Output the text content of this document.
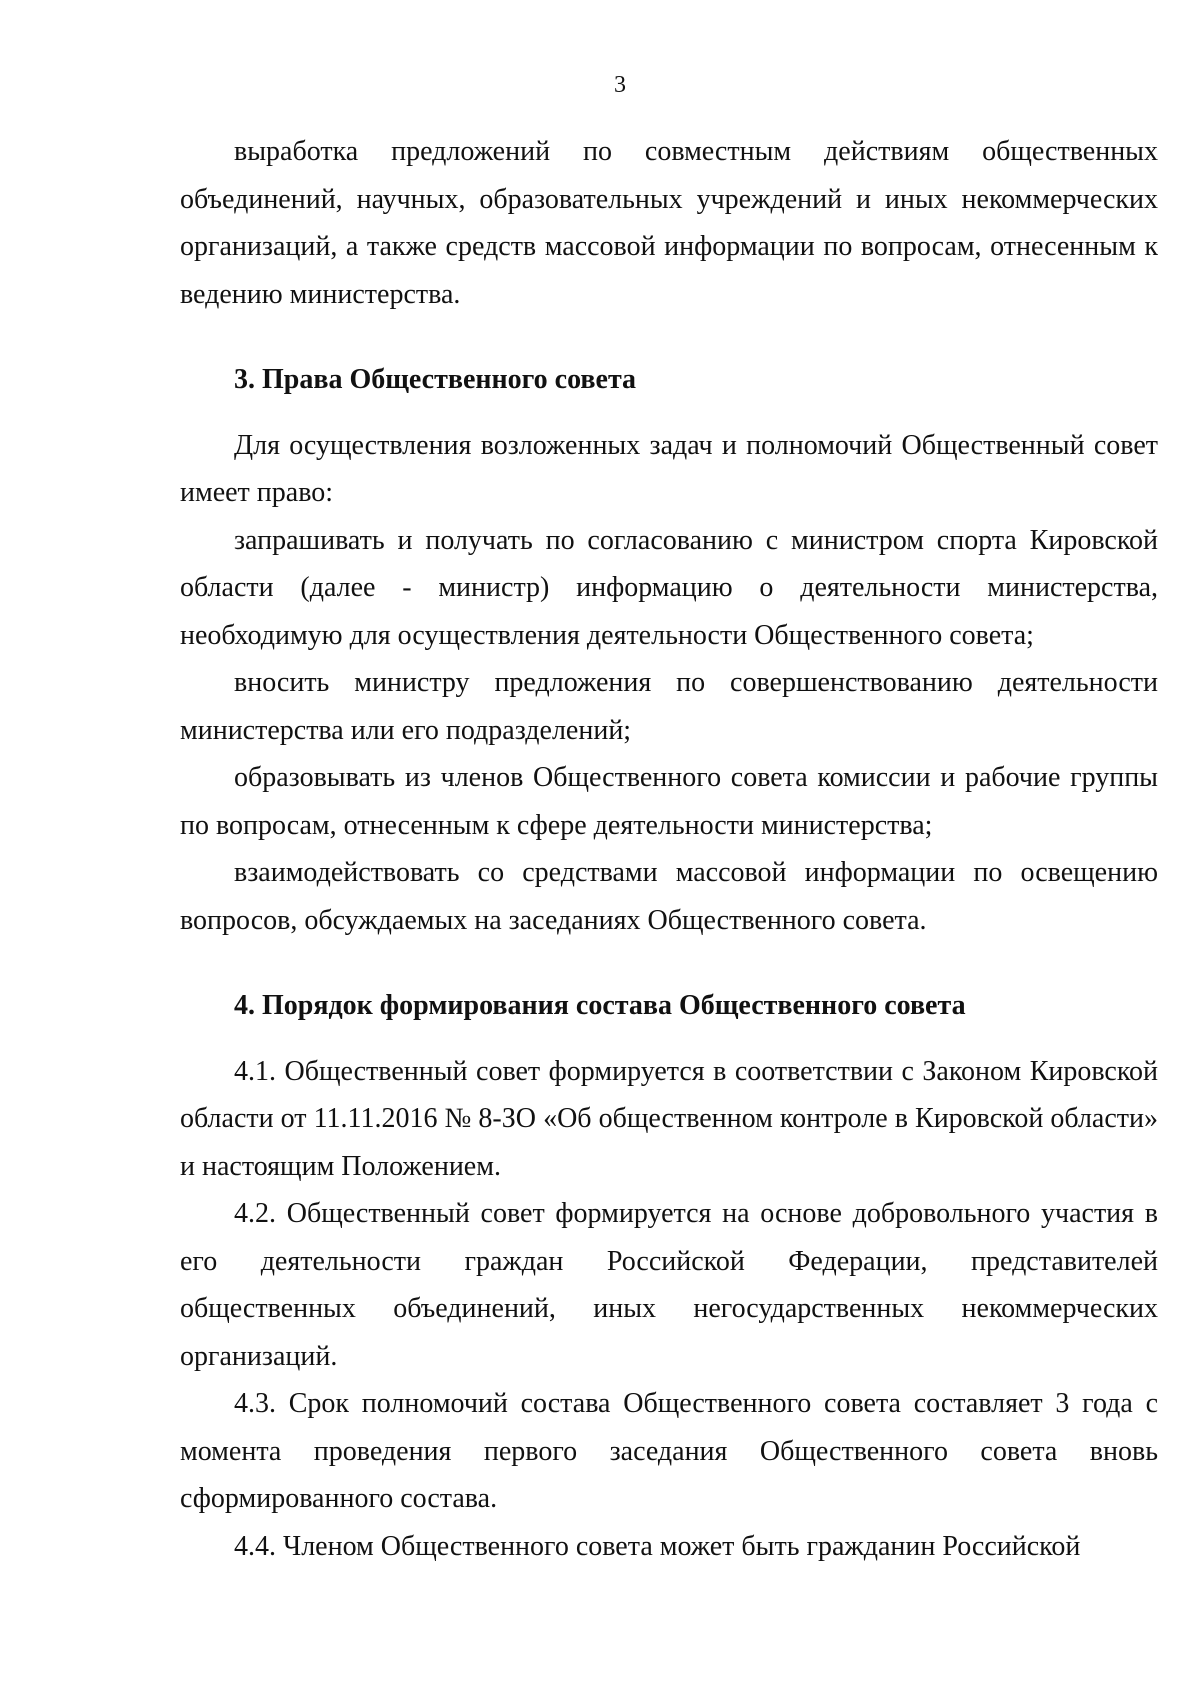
3

выработка предложений по совместным действиям общественных объединений, научных, образовательных учреждений и иных некоммерческих организаций, а также средств массовой информации по вопросам, отнесенным к ведению министерства.

3. Права Общественного совета

Для осуществления возложенных задач и полномочий Общественный совет имеет право:

запрашивать и получать по согласованию с министром спорта Кировской области (далее - министр) информацию о деятельности министерства, необходимую для осуществления деятельности Общественного совета;

вносить министру предложения по совершенствованию деятельности министерства или его подразделений;

образовывать из членов Общественного совета комиссии и рабочие группы по вопросам, отнесенным к сфере деятельности министерства;

взаимодействовать со средствами массовой информации по освещению вопросов, обсуждаемых на заседаниях Общественного совета.

4. Порядок формирования состава Общественного совета

4.1. Общественный совет формируется в соответствии с Законом Кировской области от 11.11.2016 № 8-ЗО «Об общественном контроле в Кировской области» и настоящим Положением.

4.2. Общественный совет формируется на основе добровольного участия в его деятельности граждан Российской Федерации, представителей общественных объединений, иных негосударственных некоммерческих организаций.

4.3. Срок полномочий состава Общественного совета составляет 3 года с момента проведения первого заседания Общественного совета вновь сформированного состава.

4.4. Членом Общественного совета может быть гражданин Российской
